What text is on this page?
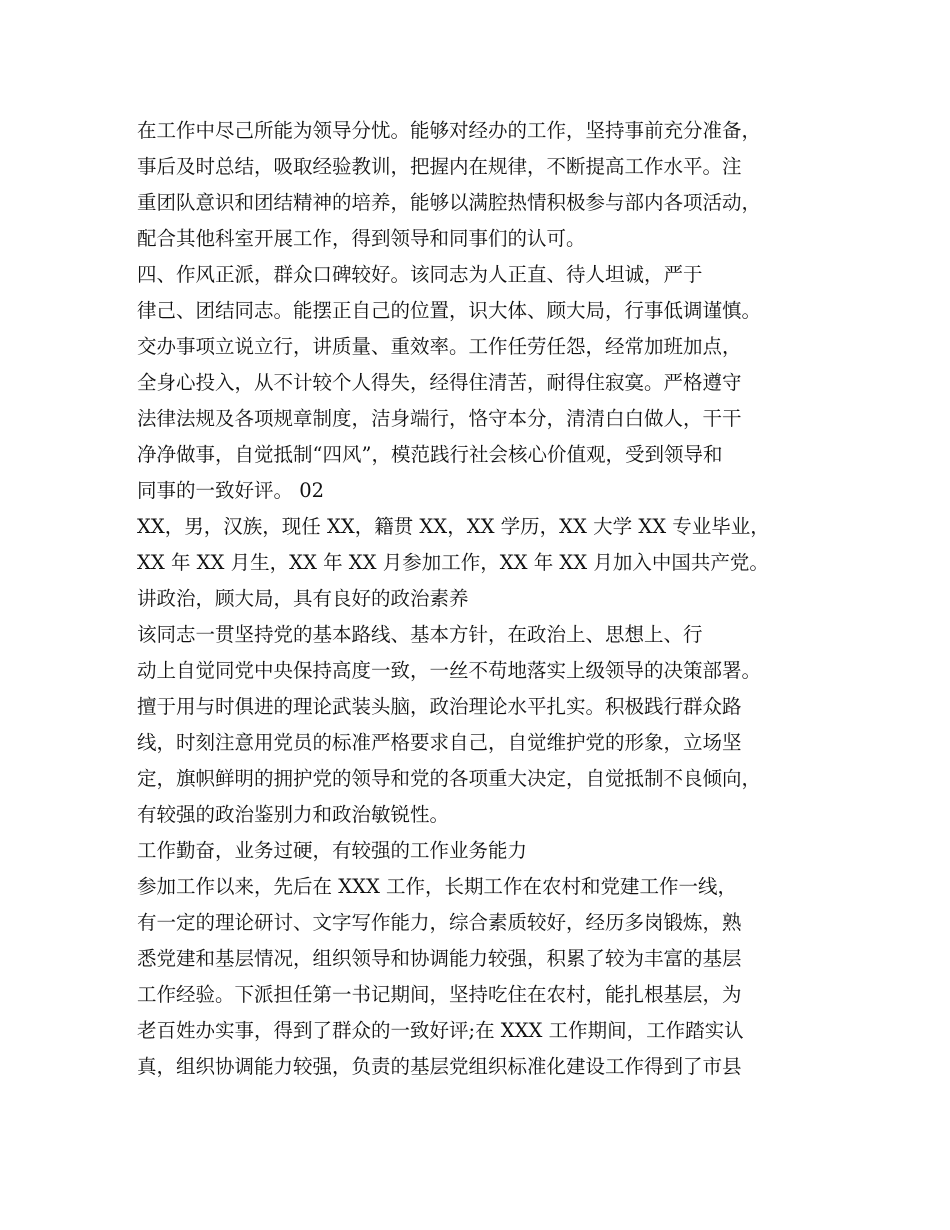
在工作中尽己所能为领导分忧。能够对经办的工作，坚持事前充分准备，
事后及时总结，吸取经验教训，把握内在规律，不断提高工作水平。注
重团队意识和团结精神的培养，能够以满腔热情积极参与部内各项活动，
配合其他科室开展工作，得到领导和同事们的认可。
四、作风正派，群众口碑较好。该同志为人正直、待人坦诚，严于
律己、团结同志。能摆正自己的位置，识大体、顾大局，行事低调谨慎。
交办事项立说立行，讲质量、重效率。工作任劳任怨，经常加班加点，
全身心投入，从不计较个人得失，经得住清苦，耐得住寂寞。严格遵守
法律法规及各项规章制度，洁身端行，恪守本分，清清白白做人，干干
净净做事，自觉抵制“四风”，模范践行社会核心价值观，受到领导和
同事的一致好评。 02
XX，男，汉族，现任 XX，籍贯 XX，XX 学历，XX 大学 XX 专业毕业，
XX 年 XX 月生，XX 年 XX 月参加工作，XX 年 XX 月加入中国共产党。
讲政治，顾大局，具有良好的政治素养
该同志一贯坚持党的基本路线、基本方针，在政治上、思想上、行
动上自觉同党中央保持高度一致，一丝不苟地落实上级领导的决策部署。
擅于用与时俱进的理论武装头脑，政治理论水平扎实。积极践行群众路
线，时刻注意用党员的标准严格要求自己，自觉维护党的形象，立场坚
定，旗帜鲜明的拥护党的领导和党的各项重大决定，自觉抵制不良倾向，
有较强的政治鉴别力和政治敏锐性。
工作勤奋，业务过硬，有较强的工作业务能力
参加工作以来，先后在 XXX 工作，长期工作在农村和党建工作一线，
有一定的理论研讨、文字写作能力，综合素质较好，经历多岗锻炼，熟
悉党建和基层情况，组织领导和协调能力较强，积累了较为丰富的基层
工作经验。下派担任第一书记期间，坚持吃住在农村，能扎根基层，为
老百姓办实事，得到了群众的一致好评;在 XXX 工作期间，工作踏实认
真，组织协调能力较强，负责的基层党组织标准化建设工作得到了市县
